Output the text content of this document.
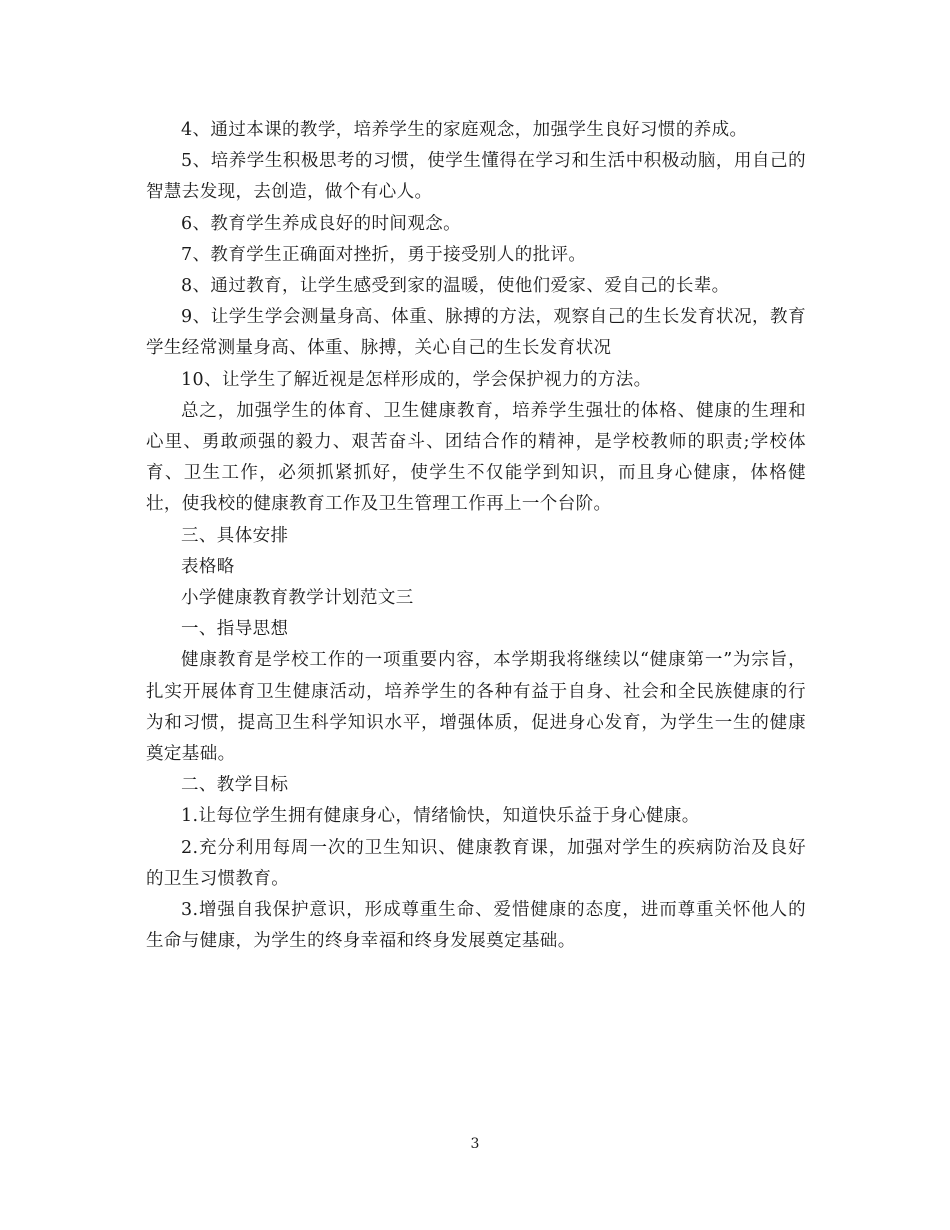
4、通过本课的教学，培养学生的家庭观念，加强学生良好习惯的养成。

5、培养学生积极思考的习惯，使学生懂得在学习和生活中积极动脑，用自己的智慧去发现，去创造，做个有心人。

6、教育学生养成良好的时间观念。

7、教育学生正确面对挫折，勇于接受别人的批评。

8、通过教育，让学生感受到家的温暖，使他们爱家、爱自己的长辈。

9、让学生学会测量身高、体重、脉搏的方法，观察自己的生长发育状况，教育学生经常测量身高、体重、脉搏，关心自己的生长发育状况

10、让学生了解近视是怎样形成的，学会保护视力的方法。

总之，加强学生的体育、卫生健康教育，培养学生强壮的体格、健康的生理和心里、勇敢顽强的毅力、艰苦奋斗、团结合作的精神，是学校教师的职责;学校体育、卫生工作，必须抓紧抓好，使学生不仅能学到知识，而且身心健康，体格健壮，使我校的健康教育工作及卫生管理工作再上一个台阶。

三、具体安排

表格略

小学健康教育教学计划范文三

一、指导思想

健康教育是学校工作的一项重要内容，本学期我将继续以“健康第一”为宗旨，扎实开展体育卫生健康活动，培养学生的各种有益于自身、社会和全民族健康的行为和习惯，提高卫生科学知识水平，增强体质，促进身心发育，为学生一生的健康奠定基础。

二、教学目标

1.让每位学生拥有健康身心，情绪愉快，知道快乐益于身心健康。

2.充分利用每周一次的卫生知识、健康教育课，加强对学生的疾病防治及良好的卫生习惯教育。

3.增强自我保护意识，形成尊重生命、爱惜健康的态度，进而尊重关怀他人的生命与健康，为学生的终身幸福和终身发展奠定基础。

3
